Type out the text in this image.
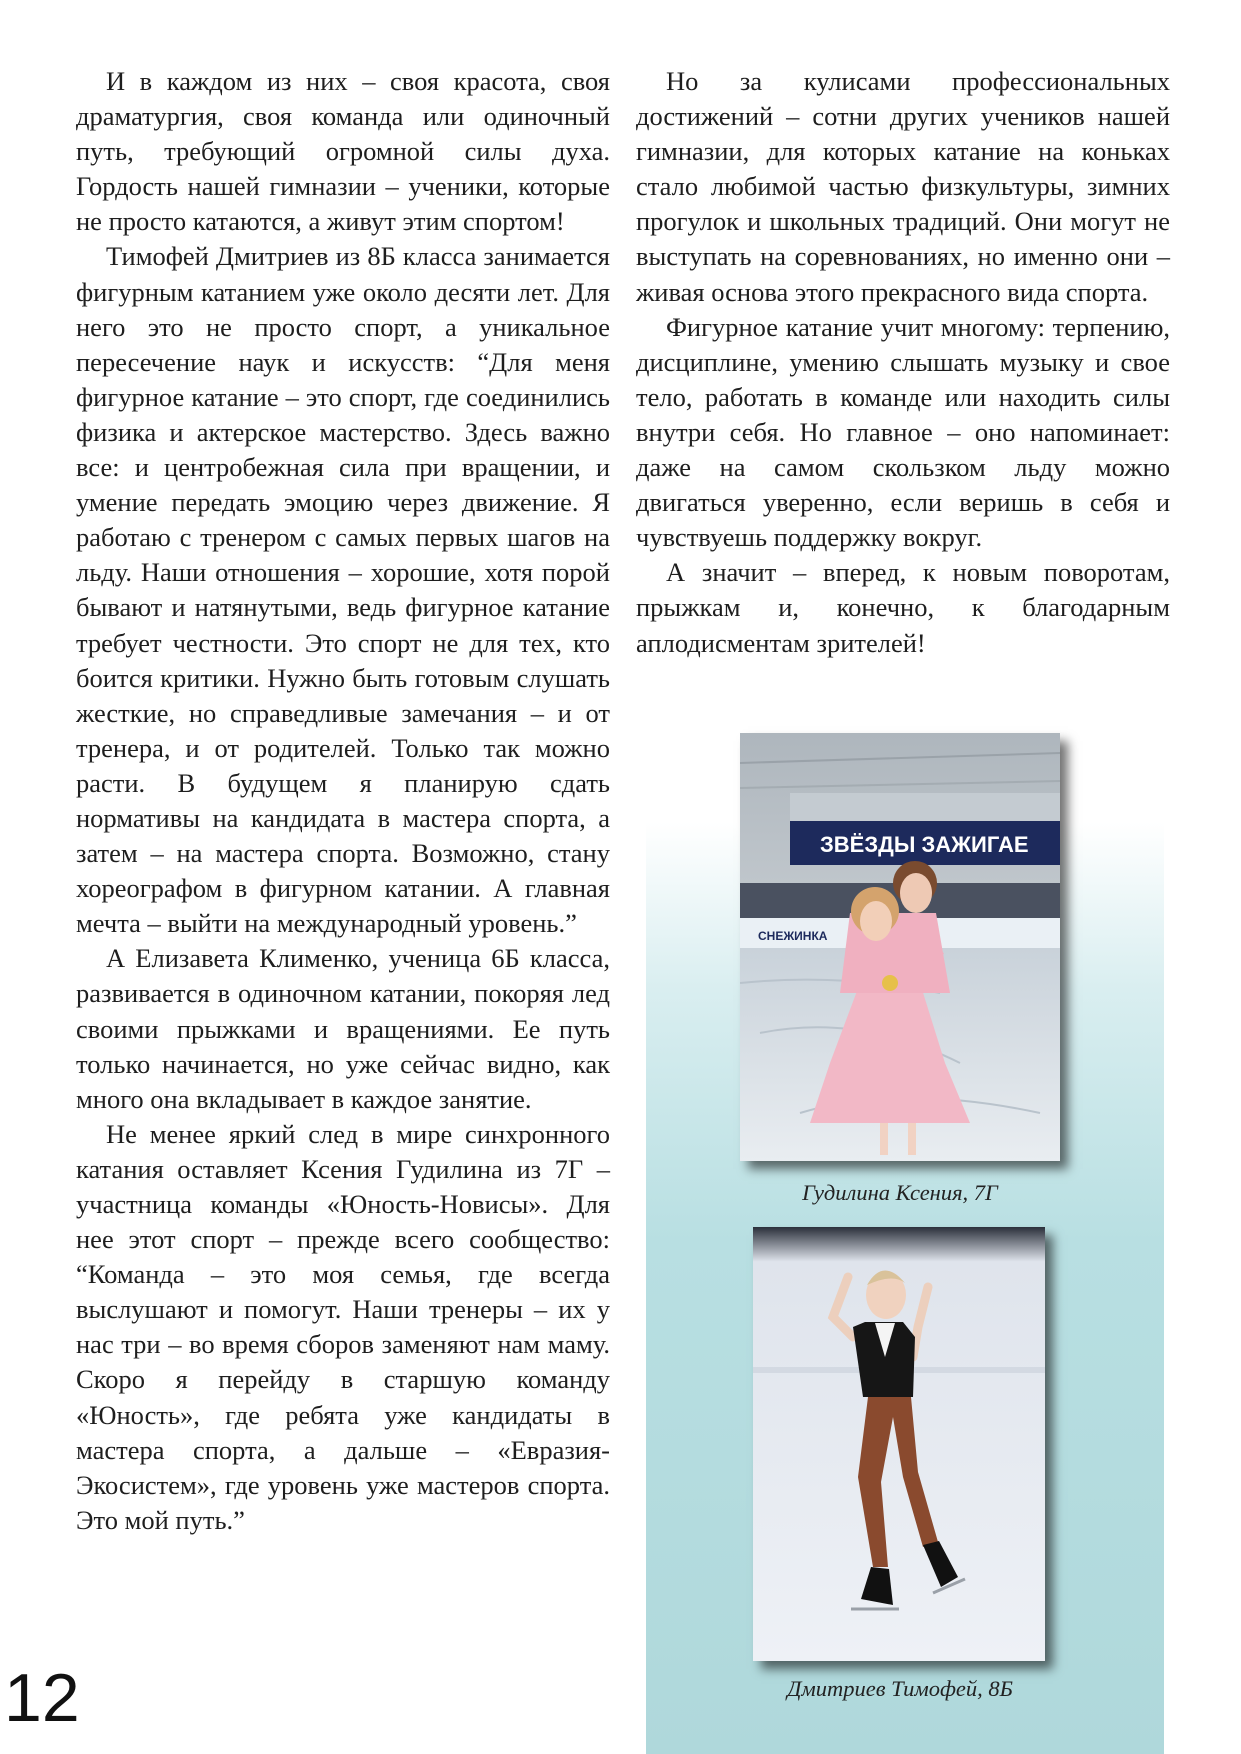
И в каждом из них – своя красота, своя драматургия, своя команда или одиночный путь, требующий огромной силы духа. Гордость нашей гимназии – ученики, которые не просто катаются, а живут этим спортом!

Тимофей Дмитриев из 8Б класса занимается фигурным катанием уже около десяти лет. Для него это не просто спорт, а уникальное пересечение наук и искусств: “Для меня фигурное катание – это спорт, где соединились физика и актерское мастерство. Здесь важно все: и центробежная сила при вращении, и умение передать эмоцию через движение. Я работаю с тренером с самых первых шагов на льду. Наши отношения – хорошие, хотя порой бывают и натянутыми, ведь фигурное катание требует честности. Это спорт не для тех, кто боится критики. Нужно быть готовым слушать жесткие, но справедливые замечания – и от тренера, и от родителей. Только так можно расти. В будущем я планирую сдать нормативы на кандидата в мастера спорта, а затем – на мастера спорта. Возможно, стану хореографом в фигурном катании. А главная мечта – выйти на международный уровень.”

А Елизавета Клименко, ученица 6Б класса, развивается в одиночном катании, покоряя лед своими прыжками и вращениями. Ее путь только начинается, но уже сейчас видно, как много она вкладывает в каждое занятие.

Не менее яркий след в мире синхронного катания оставляет Ксения Гудилина из 7Г – участница команды «Юность-Новисы». Для нее этот спорт – прежде всего сообщество: “Команда – это моя семья, где всегда выслушают и помогут. Наши тренеры – их у нас три – во время сборов заменяют нам маму. Скоро я перейду в старшую команду «Юность», где ребята уже кандидаты в мастера спорта, а дальше – «Евразия-Экосистем», где уровень уже мастеров спорта. Это мой путь.”

Но за кулисами профессиональных достижений – сотни других учеников нашей гимназии, для которых катание на коньках стало любимой частью физкультуры, зимних прогулок и школьных традиций. Они могут не выступать на соревнованиях, но именно они – живая основа этого прекрасного вида спорта.

Фигурное катание учит многому: терпению, дисциплине, умению слышать музыку и свое тело, работать в команде или находить силы внутри себя. Но главное – оно напоминает: даже на самом скользком льду можно двигаться уверенно, если веришь в себя и чувствуешь поддержку вокруг.

А значит – вперед, к новым поворотам, прыжкам и, конечно, к благодарным аплодисментам зрителей!

ЗВЁЗДЫ ЗАЖИГАЕ
СНЕЖИНКА
Гудилина Ксения, 7Г
Дмитриев Тимофей, 8Б
12
